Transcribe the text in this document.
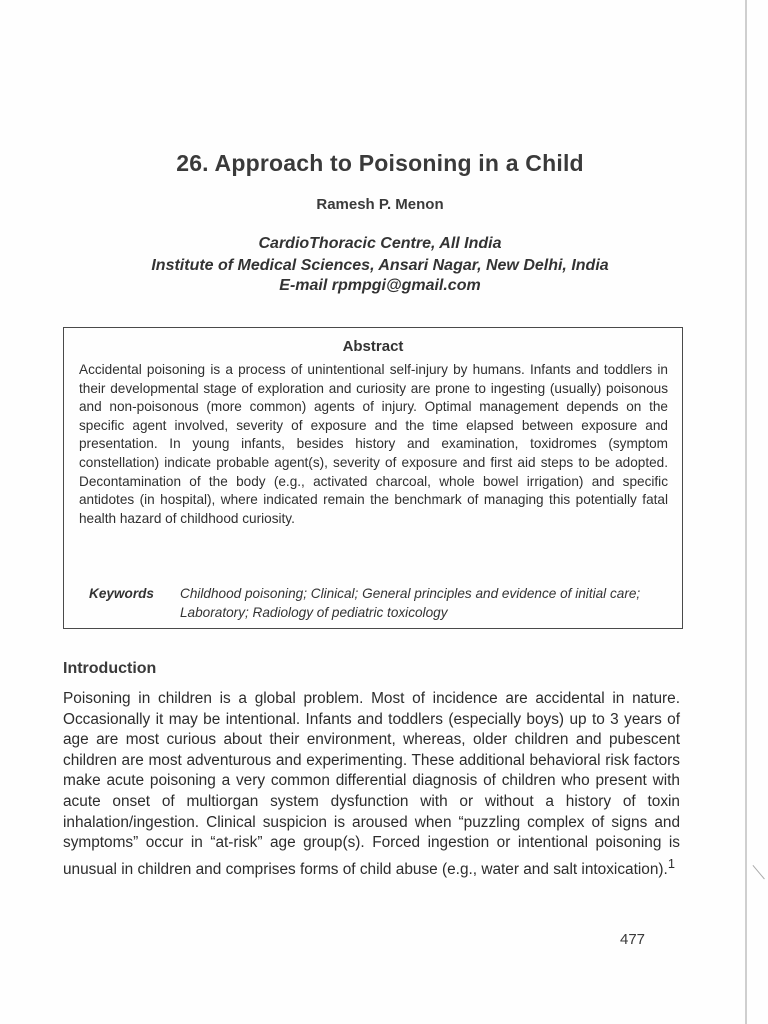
26. Approach to Poisoning in a Child
Ramesh P. Menon
CardioThoracic Centre, All India
Institute of Medical Sciences, Ansari Nagar, New Delhi, India
E-mail rpmpgi@gmail.com
Abstract
Accidental poisoning is a process of unintentional self-injury by humans. Infants and toddlers in their developmental stage of exploration and curiosity are prone to ingesting (usually) poisonous and non-poisonous (more common) agents of injury. Optimal management depends on the specific agent involved, severity of exposure and the time elapsed between exposure and presentation. In young infants, besides history and examination, toxidromes (symptom constellation) indicate probable agent(s), severity of exposure and first aid steps to be adopted. Decontamination of the body (e.g., activated charcoal, whole bowel irrigation) and specific antidotes (in hospital), where indicated remain the benchmark of managing this potentially fatal health hazard of childhood curiosity.
Keywords Childhood poisoning; Clinical; General principles and evidence of initial care; Laboratory; Radiology of pediatric toxicology
Introduction
Poisoning in children is a global problem. Most of incidence are accidental in nature. Occasionally it may be intentional. Infants and toddlers (especially boys) up to 3 years of age are most curious about their environment, whereas, older children and pubescent children are most adventurous and experimenting. These additional behavioral risk factors make acute poisoning a very common differential diagnosis of children who present with acute onset of multiorgan system dysfunction with or without a history of toxin inhalation/ingestion. Clinical suspicion is aroused when “puzzling complex of signs and symptoms” occur in “at-risk” age group(s). Forced ingestion or intentional poisoning is unusual in children and comprises forms of child abuse (e.g., water and salt intoxication).$^1$
477
